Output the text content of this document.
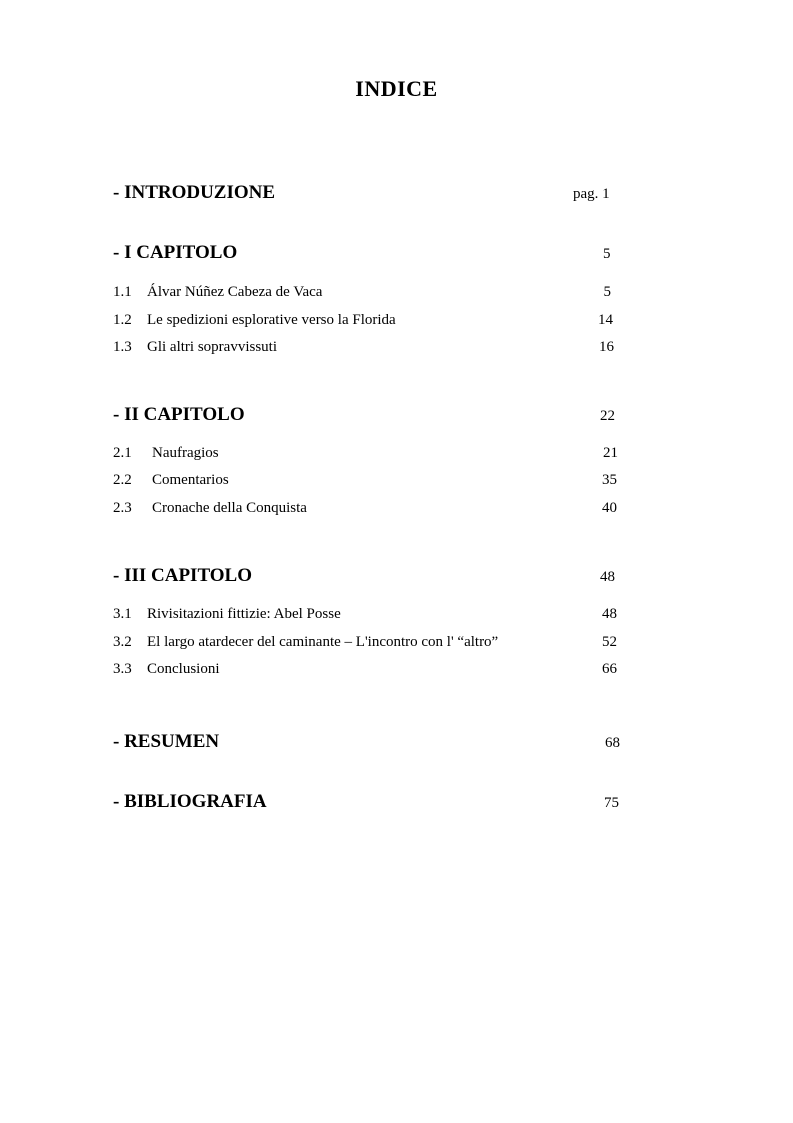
INDICE
- INTRODUZIONE	pag. 1
- I CAPITOLO	5
1.1 Álvar Núñez Cabeza de Vaca	5
1.2 Le spedizioni esplorative verso la Florida	14
1.3 Gli altri sopravvissuti	16
- II CAPITOLO	22
2.1 Naufragios	21
2.2 Comentarios	35
2.3 Cronache della Conquista	40
- III CAPITOLO	48
3.1 Rivisitazioni fittizie: Abel Posse	48
3.2 El largo atardecer del caminante – L'incontro con l' “altro”	52
3.3 Conclusioni	66
- RESUMEN	68
- BIBLIOGRAFIA	75
